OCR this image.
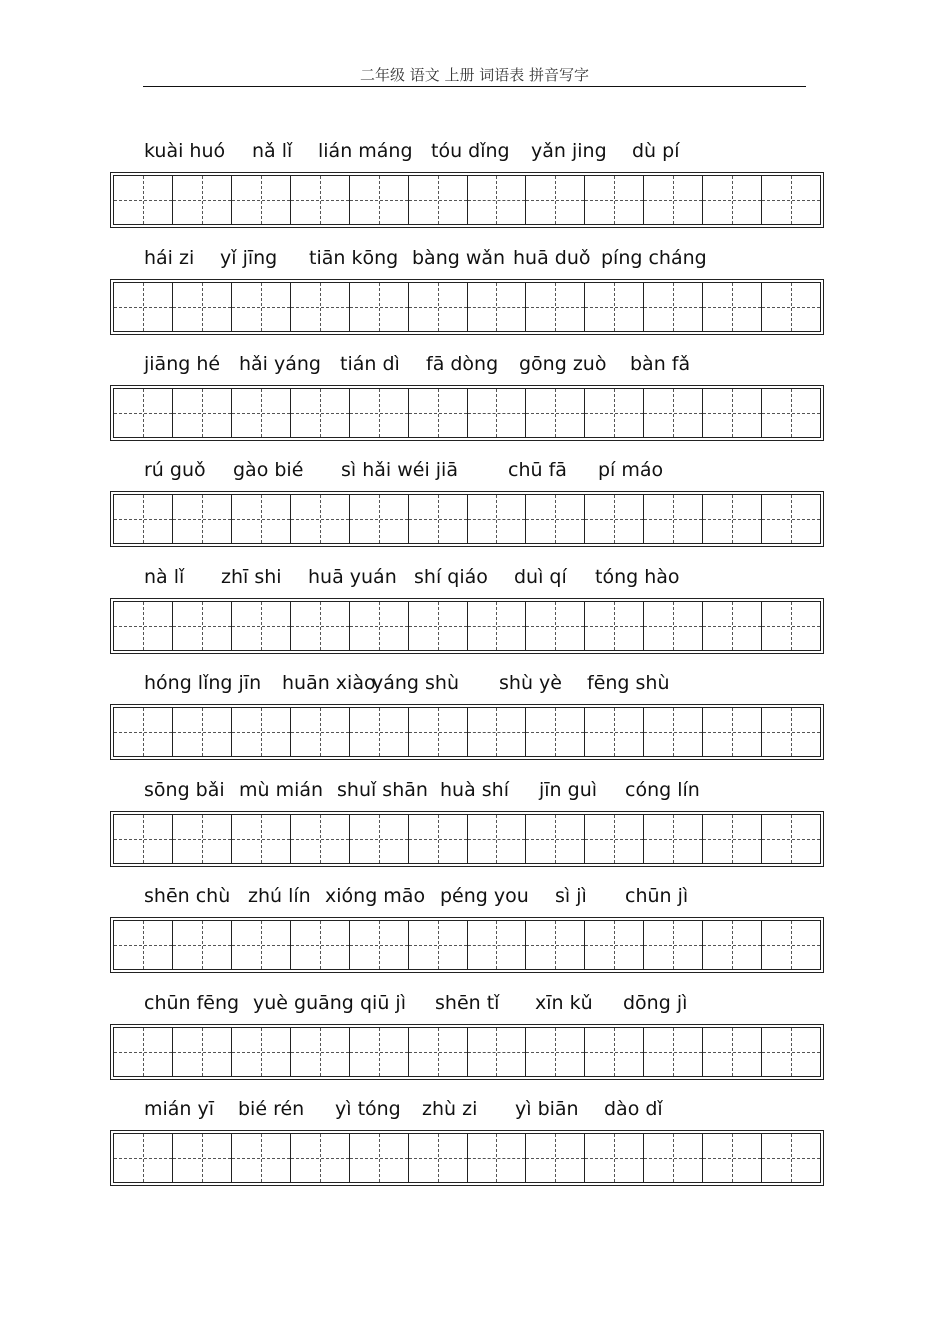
二年级 语文 上册 词语表 拼音写字
kuài huó nǎ lǐ lián máng tóu dǐng yǎn jing dù pí
hái zi yǐ jīng tiān kōng bàng wǎn huā duǒ píng cháng
jiāng hé hǎi yáng tián dì fā dòng gōng zuò bàn fǎ
rú guǒ gào bié sì hǎi wéi jiā	chū fā pí máo
nà lǐ zhī shi huā yuán shí qiáo duì qí tóng hào
hóng lǐng jīn huān xiào
yáng shù shù yè fēng shù
sōng bǎi mù mián shuǐ shān huà shí jīn guì cóng lín
shēn chù zhú lín xióng māo péng you sì jì chūn jì
chūn fēng yuè guāng qiū jì shēn tǐ xīn kǔ dōng jì
mián yī bié rén yì tóng zhù zi yì biān dào dǐ
